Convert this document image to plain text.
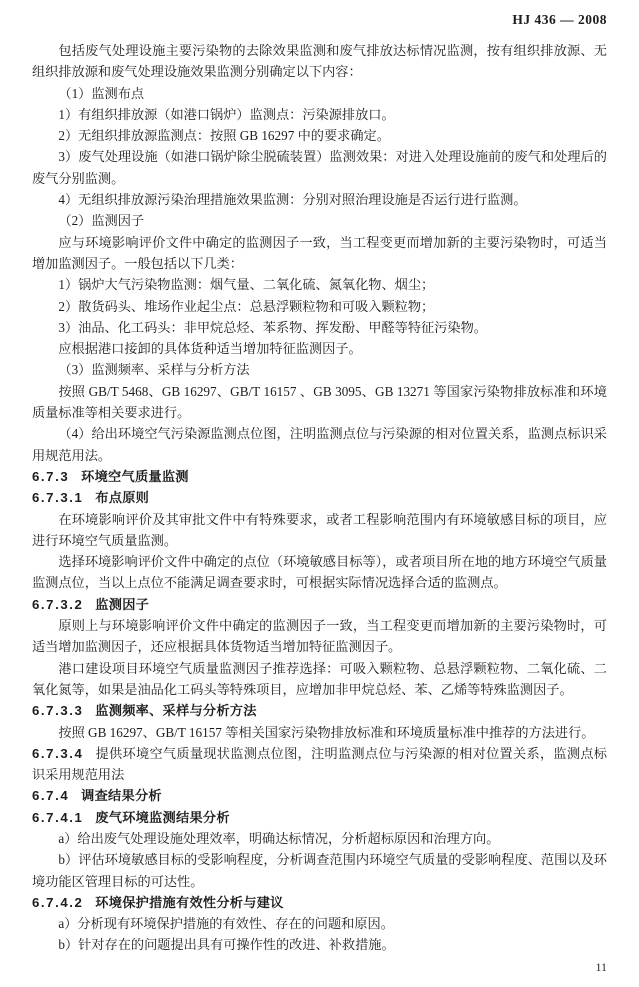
HJ 436 — 2008

包括废气处理设施主要污染物的去除效果监测和废气排放达标情况监测，按有组织排放源、无组织排放源和废气处理设施效果监测分别确定以下内容：

（1）监测布点

1）有组织排放源（如港口锅炉）监测点：污染源排放口。

2）无组织排放源监测点：按照 GB 16297 中的要求确定。

3）废气处理设施（如港口锅炉除尘脱硫装置）监测效果：对进入处理设施前的废气和处理后的废气分别监测。

4）无组织排放源污染治理措施效果监测：分别对照治理设施是否运行进行监测。

（2）监测因子

应与环境影响评价文件中确定的监测因子一致，当工程变更而增加新的主要污染物时，可适当增加监测因子。一般包括以下几类：

1）锅炉大气污染物监测：烟气量、二氧化硫、氮氧化物、烟尘；

2）散货码头、堆场作业起尘点：总悬浮颗粒物和可吸入颗粒物；

3）油品、化工码头：非甲烷总烃、苯系物、挥发酚、甲醛等特征污染物。

应根据港口接卸的具体货种适当增加特征监测因子。

（3）监测频率、采样与分析方法

按照 GB/T 5468、GB 16297、GB/T 16157 、GB 3095、GB 13271 等国家污染物排放标准和环境质量标准等相关要求进行。

（4）给出环境空气污染源监测点位图，注明监测点位与污染源的相对位置关系，监测点标识采用规范用法。

6.7.3 环境空气质量监测

6.7.3.1 布点原则

在环境影响评价及其审批文件中有特殊要求，或者工程影响范围内有环境敏感目标的项目，应进行环境空气质量监测。

选择环境影响评价文件中确定的点位（环境敏感目标等），或者项目所在地的地方环境空气质量监测点位，当以上点位不能满足调查要求时，可根据实际情况选择合适的监测点。

6.7.3.2 监测因子

原则上与环境影响评价文件中确定的监测因子一致，当工程变更而增加新的主要污染物时，可适当增加监测因子，还应根据具体货物适当增加特征监测因子。

港口建设项目环境空气质量监测因子推荐选择：可吸入颗粒物、总悬浮颗粒物、二氧化硫、二氧化氮等，如果是油品化工码头等特殊项目，应增加非甲烷总烃、苯、乙烯等特殊监测因子。

6.7.3.3 监测频率、采样与分析方法

按照 GB 16297、GB/T 16157 等相关国家污染物排放标准和环境质量标准中推荐的方法进行。

6.7.3.4 提供环境空气质量现状监测点位图，注明监测点位与污染源的相对位置关系，监测点标识采用规范用法

6.7.4 调查结果分析

6.7.4.1 废气环境监测结果分析

a）给出废气处理设施处理效率，明确达标情况，分析超标原因和治理方向。

b）评估环境敏感目标的受影响程度，分析调查范围内环境空气质量的受影响程度、范围以及环境功能区管理目标的可达性。

6.7.4.2 环境保护措施有效性分析与建议

a）分析现有环境保护措施的有效性、存在的问题和原因。

b）针对存在的问题提出具有可操作性的改进、补救措施。

11
